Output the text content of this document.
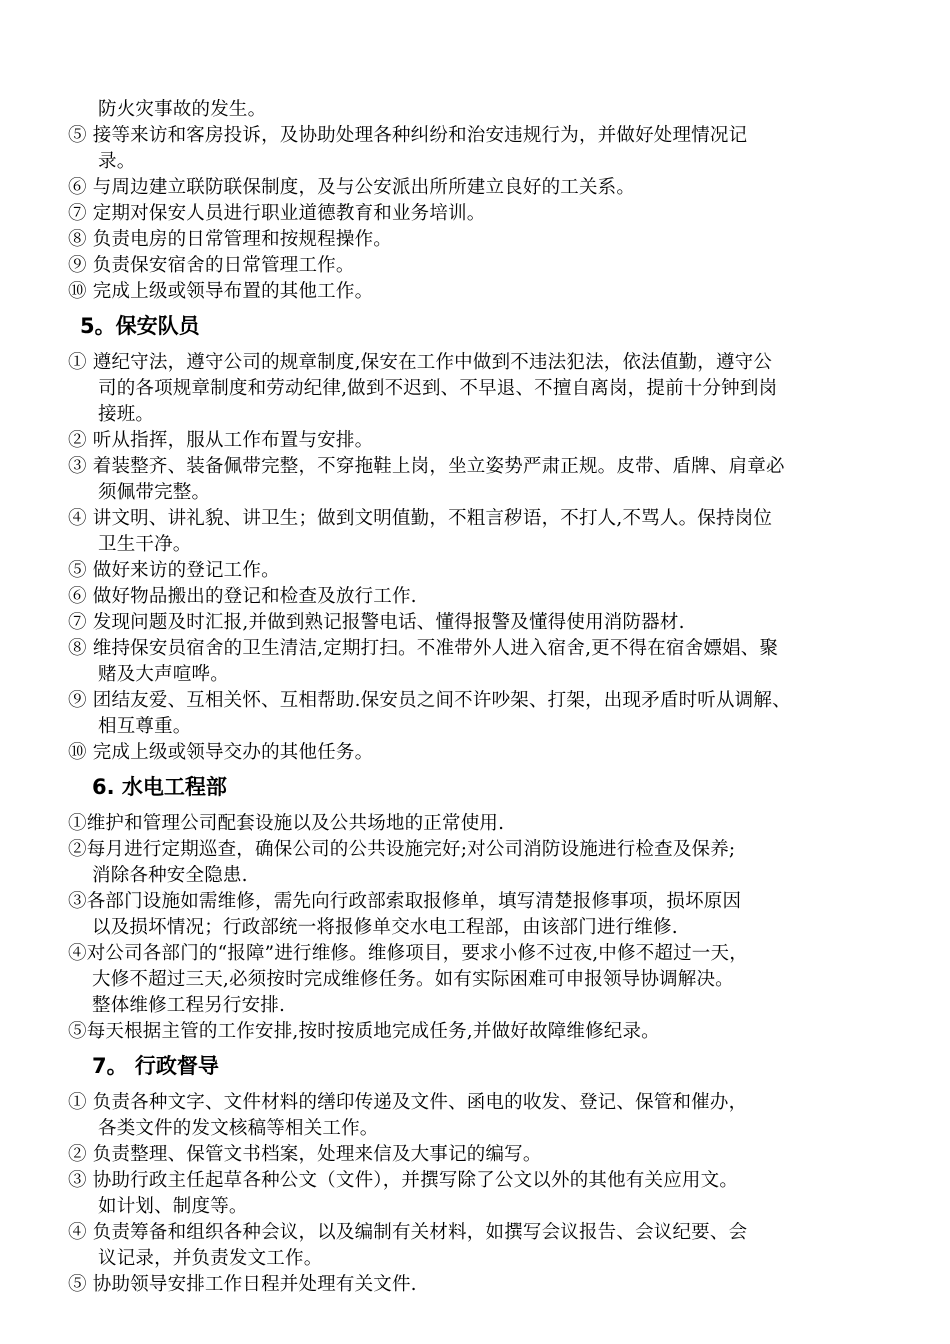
防火灾事故的发生。
⑤ 接等来访和客房投诉，及协助处理各种纠纷和治安违规行为，并做好处理情况记
录。
⑥ 与周边建立联防联保制度，及与公安派出所所建立良好的工关系。
⑦ 定期对保安人员进行职业道德教育和业务培训。
⑧ 负责电房的日常管理和按规程操作。
⑨ 负责保安宿舍的日常管理工作。
⑩ 完成上级或领导布置的其他工作。
5。保安队员
① 遵纪守法，遵守公司的规章制度,保安在工作中做到不违法犯法，依法值勤，遵守公
司的各项规章制度和劳动纪律,做到不迟到、不早退、不擅自离岗，提前十分钟到岗
接班。
② 听从指挥，服从工作布置与安排。
③ 着装整齐、装备佩带完整，不穿拖鞋上岗，坐立姿势严肃正规。皮带、盾牌、肩章必
须佩带完整。
④ 讲文明、讲礼貌、讲卫生；做到文明值勤，不粗言秽语，不打人,不骂人。保持岗位
卫生干净。
⑤ 做好来访的登记工作。
⑥ 做好物品搬出的登记和检查及放行工作.
⑦ 发现问题及时汇报,并做到熟记报警电话、懂得报警及懂得使用消防器材.
⑧ 维持保安员宿舍的卫生清洁,定期打扫。不准带外人进入宿舍,更不得在宿舍嫖娼、聚
赌及大声喧哗。
⑨ 团结友爱、互相关怀、互相帮助.保安员之间不许吵架、打架，出现矛盾时听从调解、
相互尊重。
⑩ 完成上级或领导交办的其他任务。
6. 水电工程部
①维护和管理公司配套设施以及公共场地的正常使用.
②每月进行定期巡查，确保公司的公共设施完好;对公司消防设施进行检查及保养;
消除各种安全隐患.
③各部门设施如需维修，需先向行政部索取报修单，填写清楚报修事项，损坏原因
以及损坏情况；行政部统一将报修单交水电工程部，由该部门进行维修.
④对公司各部门的“报障”进行维修。维修项目，要求小修不过夜,中修不超过一天，
大修不超过三天,必须按时完成维修任务。如有实际困难可申报领导协调解决。
整体维修工程另行安排.
⑤每天根据主管的工作安排,按时按质地完成任务,并做好故障维修纪录。
7。 行政督导
① 负责各种文字、文件材料的缮印传递及文件、函电的收发、登记、保管和催办，
各类文件的发文核稿等相关工作。
② 负责整理、保管文书档案，处理来信及大事记的编写。
③ 协助行政主任起草各种公文（文件），并撰写除了公文以外的其他有关应用文。
如计划、制度等。
④ 负责筹备和组织各种会议，以及编制有关材料，如撰写会议报告、会议纪要、会
议记录，并负责发文工作。
⑤ 协助领导安排工作日程并处理有关文件.
